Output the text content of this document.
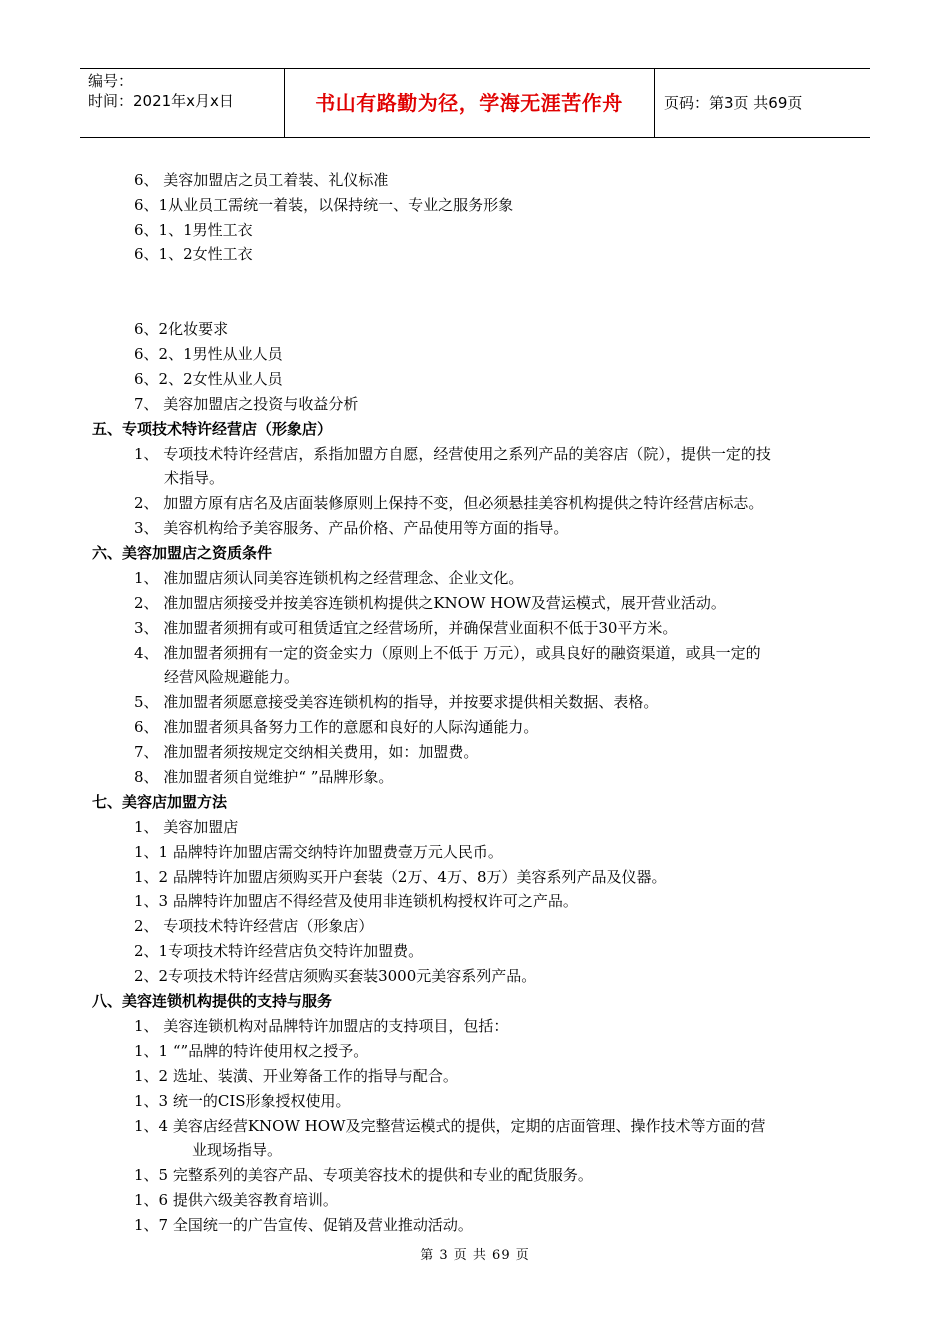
编号：
时间：2021年x月x日	书山有路勤为径，学海无涯苦作舟	页码：第3页 共69页
6、 美容加盟店之员工着装、礼仪标准
6、1从业员工需统一着装，以保持统一、专业之服务形象
6、1、1男性工衣
6、1、2女性工衣
6、2化妆要求
6、2、1男性从业人员
6、2、2女性从业人员
7、 美容加盟店之投资与收益分析
五、专项技术特许经营店（形象店）
1、 专项技术特许经营店，系指加盟方自愿，经营使用之系列产品的美容店（院），提供一定的技
术指导。
2、 加盟方原有店名及店面装修原则上保持不变，但必须悬挂美容机构提供之特许经营店标志。
3、 美容机构给予美容服务、产品价格、产品使用等方面的指导。
六、美容加盟店之资质条件
1、 准加盟店须认同美容连锁机构之经营理念、企业文化。
2、 准加盟店须接受并按美容连锁机构提供之KNOW HOW及营运模式，展开营业活动。
3、 准加盟者须拥有或可租赁适宜之经营场所，并确保营业面积不低于30平方米。
4、 准加盟者须拥有一定的资金实力（原则上不低于 万元），或具良好的融资渠道，或具一定的
经营风险规避能力。
5、 准加盟者须愿意接受美容连锁机构的指导，并按要求提供相关数据、表格。
6、 准加盟者须具备努力工作的意愿和良好的人际沟通能力。
7、 准加盟者须按规定交纳相关费用，如：加盟费。
8、 准加盟者须自觉维护“ ”品牌形象。
七、美容店加盟方法
1、 美容加盟店
1、1 品牌特许加盟店需交纳特许加盟费壹万元人民币。
1、2 品牌特许加盟店须购买开户套装（2万、4万、8万）美容系列产品及仪器。
1、3 品牌特许加盟店不得经营及使用非连锁机构授权许可之产品。
2、 专项技术特许经营店（形象店）
2、1专项技术特许经营店负交特许加盟费。
2、2专项技术特许经营店须购买套装3000元美容系列产品。
八、美容连锁机构提供的支持与服务
1、 美容连锁机构对品牌特许加盟店的支持项目，包括：
1、1 “”品牌的特许使用权之授予。
1、2 选址、装潢、开业筹备工作的指导与配合。
1、3 统一的CIS形象授权使用。
1、4 美容店经营KNOW HOW及完整营运模式的提供，定期的店面管理、操作技术等方面的营
业现场指导。
1、5 完整系列的美容产品、专项美容技术的提供和专业的配货服务。
1、6 提供六级美容教育培训。
1、7 全国统一的广告宣传、促销及营业推动活动。
第 3 页 共 69 页
